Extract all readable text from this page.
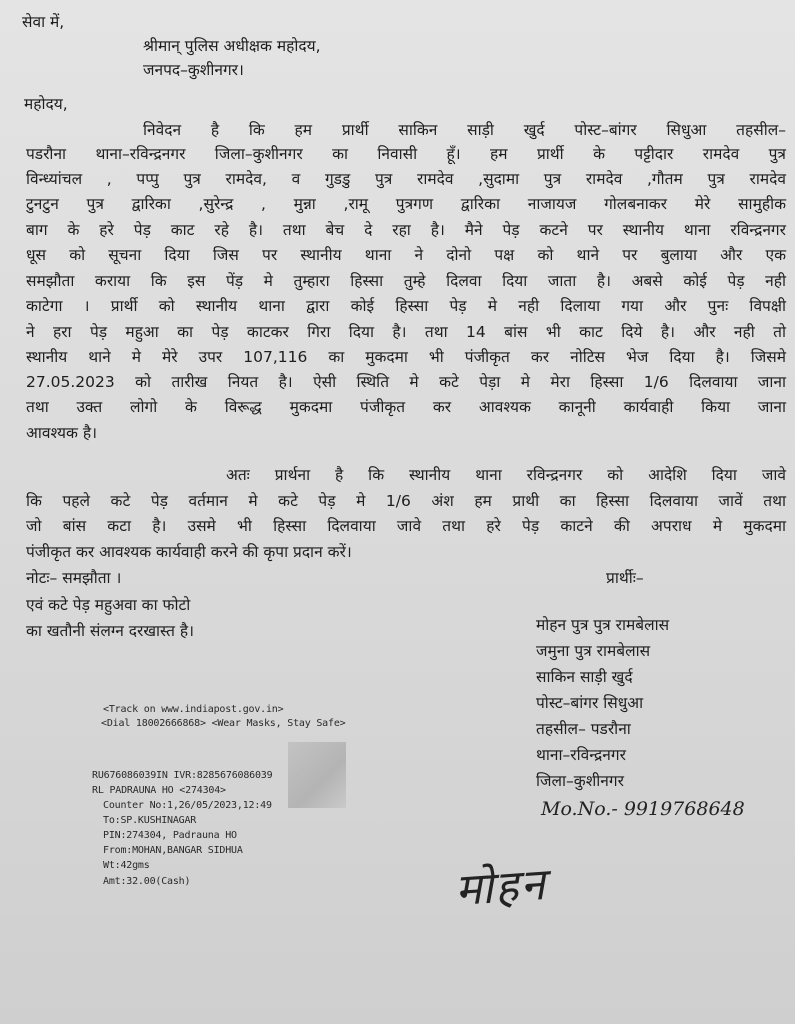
सेवा में,
श्रीमान् पुलिस अधीक्षक महोदय,
जनपद–कुशीनगर।
महोदय,
निवेदन है कि हम प्रार्थी साकिन साड़ी खुर्द पोस्ट–बांगर सिधुआ तहसील–
पडरौना थाना–रविन्द्रनगर जिला–कुशीनगर का निवासी हूँ। हम प्रार्थी के पट्टीदार रामदेव पुत्र
विन्ध्यांचल , पप्पु पुत्र रामदेव, व गुडडु पुत्र रामदेव ,सुदामा पुत्र रामदेव ,गौतम पुत्र रामदेव
टुनटुन पुत्र द्वारिका ,सुरेन्द्र , मुन्ना ,रामू पुत्रगण द्वारिका नाजायज गोलबनाकर मेरे सामुहीक
बाग के हरे पेड़ काट रहे है। तथा बेच दे रहा है। मैने पेड़ कटने पर स्थानीय थाना रविन्द्रनगर
धूस को सूचना दिया जिस पर स्थानीय थाना ने दोनो पक्ष को थाने पर बुलाया और एक
समझौता कराया कि इस पेंड़ मे तुम्हारा हिस्सा तुम्हे दिलवा दिया जाता है। अबसे कोई पेड़ नही
काटेगा । प्रार्थी को स्थानीय थाना द्वारा कोई हिस्सा पेड़ मे नही दिलाया गया और पुनः विपक्षी
ने हरा पेड़ महुआ का पेड़ काटकर गिरा दिया है। तथा 14 बांस भी काट दिये है। और नही तो
स्थानीय थाने मे मेरे उपर 107,116 का मुकदमा भी पंजीकृत कर नोटिस भेज दिया है। जिसमे
27.05.2023 को तारीख नियत है। ऐसी स्थिति मे कटे पेड़ा मे मेरा हिस्सा 1/6 दिलवाया जाना
तथा उक्त लोगो के विरूद्ध मुकदमा पंजीकृत कर आवश्यक कानूनी कार्यवाही किया जाना
आवश्यक है।
अतः प्रार्थना है कि स्थानीय थाना रविन्द्रनगर को आदेशि दिया जावे
कि पहले कटे पेड़ वर्तमान मे कटे पेड़ मे 1/6 अंश हम प्राथी का हिस्सा दिलवाया जावें तथा
जो बांस कटा है। उसमे भी हिस्सा दिलवाया जावे तथा हरे पेड़ काटने की अपराध मे मुकदमा
पंजीकृत कर आवश्यक कार्यवाही करने की कृपा प्रदान करें।
नोटः– समझौता ।
एवं कटे पेड़ महुअवा का फोटो
का खतौनी संलग्न दरखास्त है।
प्रार्थीः–
मोहन पुत्र पुत्र रामबेलास
जमुना पुत्र रामबेलास
साकिन साड़ी खुर्द
पोस्ट–बांगर सिधुआ
तहसील– पडरौना
थाना–रविन्द्रनगर
जिला–कुशीनगर
Mo.No.- 9919768648
मोहन
<Track on www.indiapost.gov.in>
<Dial 18002666868> <Wear Masks, Stay Safe>
RU676086039IN IVR:8285676086039
RL PADRAUNA HO <274304>
Counter No:1,26/05/2023,12:49
To:SP.KUSHINAGAR
PIN:274304, Padrauna HO
From:MOHAN,BANGAR SIDHUA
Wt:42gms
Amt:32.00(Cash)
